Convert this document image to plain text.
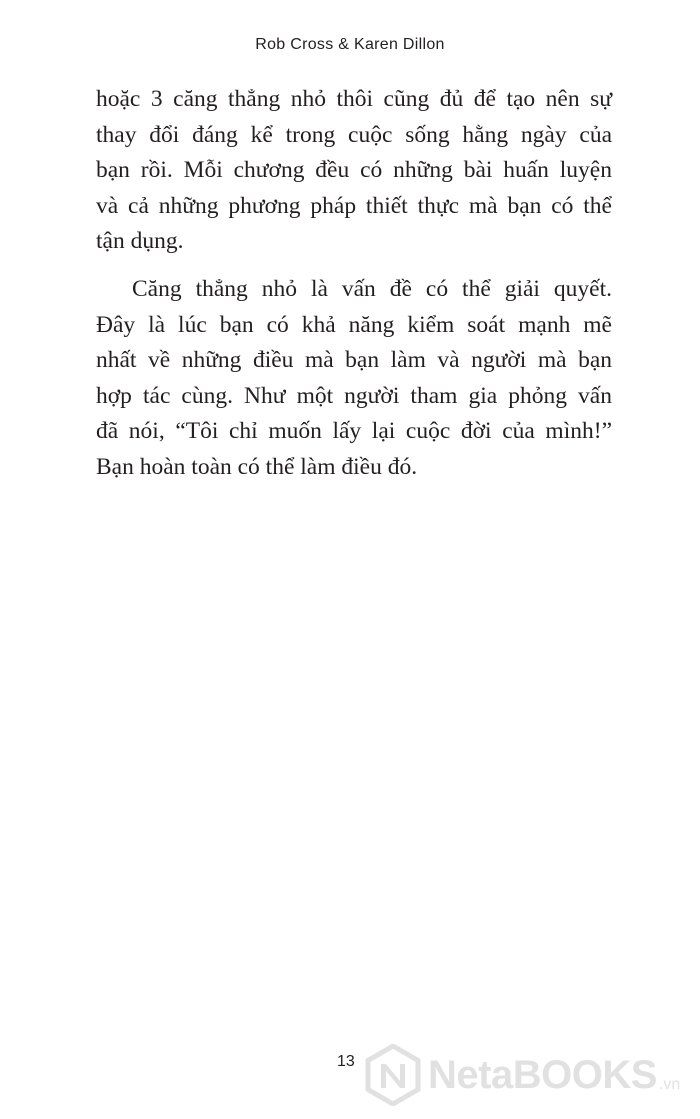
Rob Cross & Karen Dillon

hoặc 3 căng thẳng nhỏ thôi cũng đủ để tạo nên sự
thay đổi đáng kể trong cuộc sống hằng ngày của
bạn rồi. Mỗi chương đều có những bài huấn luyện
và cả những phương pháp thiết thực mà bạn có thể
tận dụng.

Căng thẳng nhỏ là vấn đề có thể giải quyết.
Đây là lúc bạn có khả năng kiểm soát mạnh mẽ
nhất về những điều mà bạn làm và người mà bạn
hợp tác cùng. Như một người tham gia phỏng vấn
đã nói, “Tôi chỉ muốn lấy lại cuộc đời của mình!”
Bạn hoàn toàn có thể làm điều đó.

13 NetaBOOKS .vn
